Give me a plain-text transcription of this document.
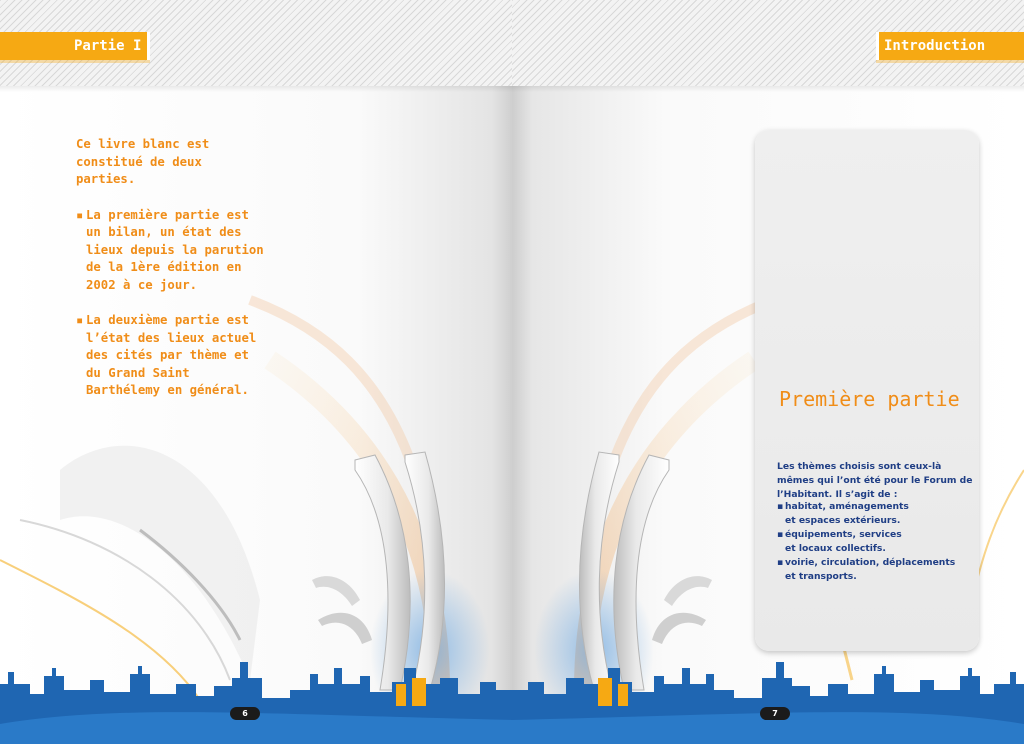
Partie I

Ce livre blanc est constitué de deux parties.

▪ La première partie est un bilan, un état des lieux depuis la parution de la 1ère édition en 2002 à ce jour.
▪ La deuxième partie est l’état des lieux actuel des cités par thème et du Grand Saint Barthélemy en général.
6
Introduction
Première partie
Les thèmes choisis sont ceux-là mêmes qui l’ont été pour le Forum de l’Habitant. Il s’agit de :
▪ habitat, aménagements
et espaces extérieurs.
▪ équipements, services
et locaux collectifs.
▪ voirie, circulation, déplacements
et transports.
7
